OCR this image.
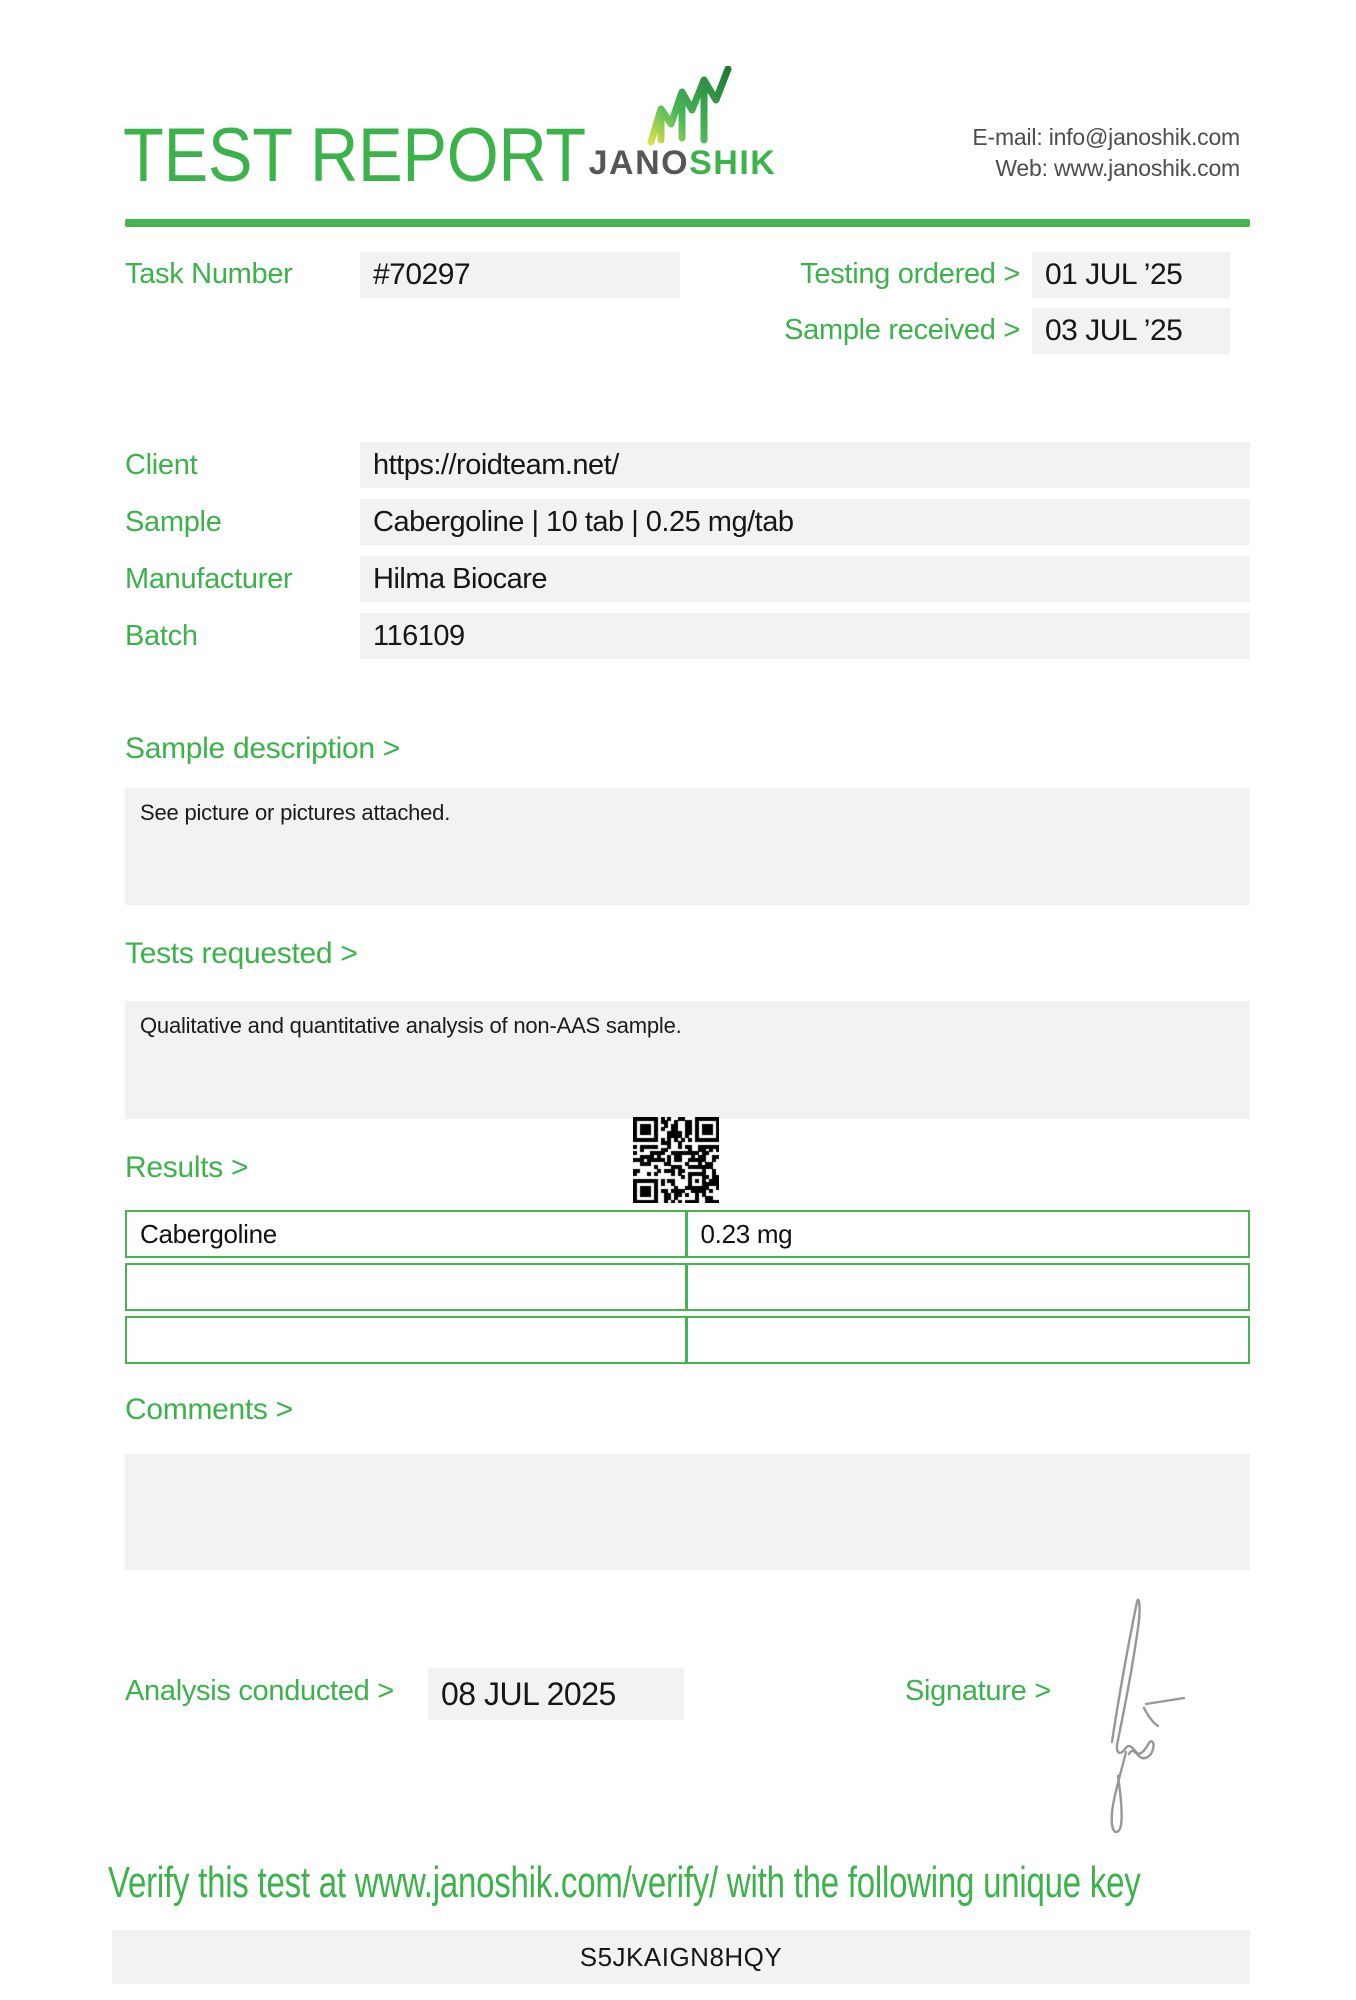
TEST REPORT JANOSHIK
E-mail: info@janoshik.com
Web: www.janoshik.com
Task Number	#70297	Testing ordered > 01 JUL ’25
Sample received > 03 JUL ’25
Client	https://roidteam.net/
Sample	Cabergoline | 10 tab | 0.25 mg/tab
Manufacturer	Hilma Biocare
Batch	116109
Sample description >
See picture or pictures attached.
Tests requested >
Qualitative and quantitative analysis of non-AAS sample.
Results >
Cabergoline	0.23 mg
Comments >
Analysis conducted >	08 JUL 2025	Signature >
Verify this test at www.janoshik.com/verify/ with the following unique key
S5JKAIGN8HQY
